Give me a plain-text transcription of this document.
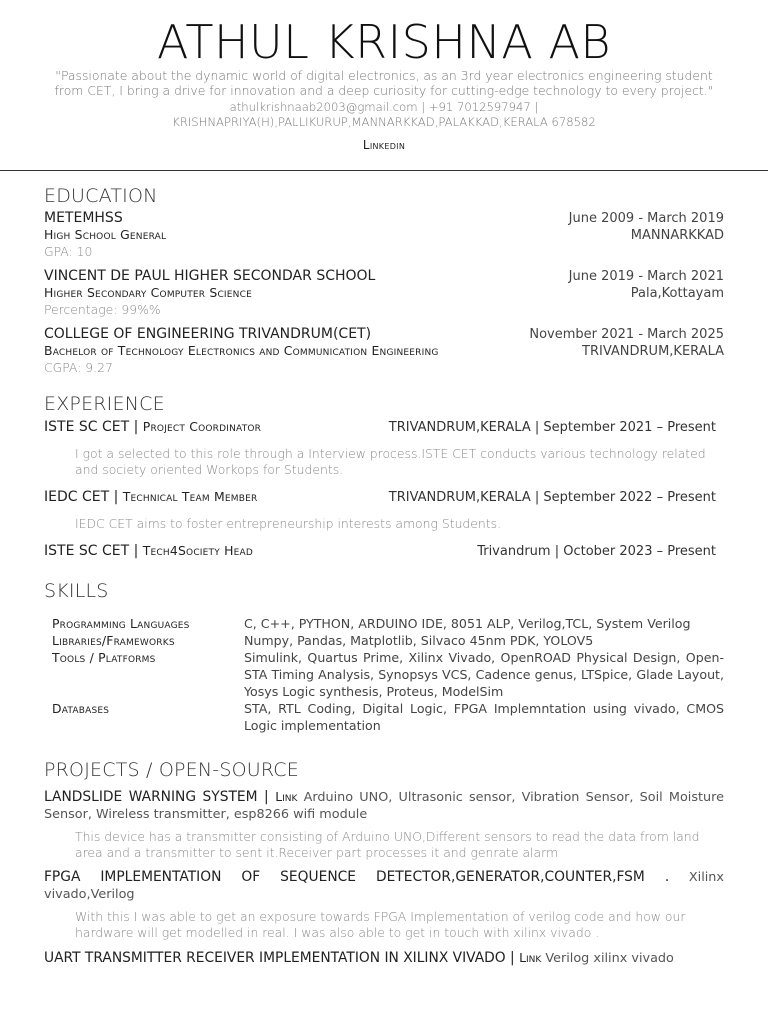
ATHUL KRISHNA AB
"Passionate about the dynamic world of digital electronics, as an 3rd year electronics engineering student from CET, I bring a drive for innovation and a deep curiosity for cutting-edge technology to every project."
athulkrishnaab2003@gmail.com | +91 7012597947 | KRISHNAPRIYA(H),PALLIKURUP,MANNARKKAD,PALAKKAD,KERALA 678582
Linkedin
EDUCATION
METEMHSS	June 2009 - March 2019
High School General	MANNARKKAD
GPA: 10
VINCENT DE PAUL HIGHER SECONDAR SCHOOL	June 2019 - March 2021
Higher Secondary Computer Science	Pala,Kottayam
Percentage: 99%%
COLLEGE OF ENGINEERING TRIVANDRUM(CET)	November 2021 - March 2025
Bachelor of Technology Electronics and Communication Engineering	TRIVANDRUM,KERALA
CGPA: 9.27
EXPERIENCE
ISTE SC CET | Project Coordinator	TRIVANDRUM,KERALA | September 2021 – Present
I got a selected to this role through a Interview process.ISTE CET conducts various technology related and society oriented Workops for Students.
IEDC CET | Technical Team Member	TRIVANDRUM,KERALA | September 2022 – Present
IEDC CET aims to foster entrepreneurship interests among Students.
ISTE SC CET | Tech4Society Head	Trivandrum | October 2023 – Present
SKILLS
Programming Languages	C, C++, PYTHON, ARDUINO IDE, 8051 ALP, Verilog,TCL, System Verilog
Libraries/Frameworks	Numpy, Pandas, Matplotlib, Silvaco 45nm PDK, YOLOV5
Tools / Platforms	Simulink, Quartus Prime, Xilinx Vivado, OpenROAD Physical Design, Open-STA Timing Analysis, Synopsys VCS, Cadence genus, LTSpice, Glade Layout, Yosys Logic synthesis, Proteus, ModelSim
Databases	STA, RTL Coding, Digital Logic, FPGA Implemntation using vivado, CMOS Logic implementation
PROJECTS / OPEN-SOURCE
LANDSLIDE WARNING SYSTEM | Link Arduino UNO, Ultrasonic sensor, Vibration Sensor, Soil Moisture Sensor, Wireless transmitter, esp8266 wifi module
This device has a transmitter consisting of Arduino UNO,Different sensors to read the data from land area and a transmitter to sent it.Receiver part processes it and genrate alarm
FPGA IMPLEMENTATION OF SEQUENCE DETECTOR,GENERATOR,COUNTER,FSM . Xilinx vivado,Verilog
With this I was able to get an exposure towards FPGA Implementation of verilog code and how our hardware will get modelled in real. I was also able to get in touch with xilinx vivado .
UART TRANSMITTER RECEIVER IMPLEMENTATION IN XILINX VIVADO | Link Verilog xilinx vivado
